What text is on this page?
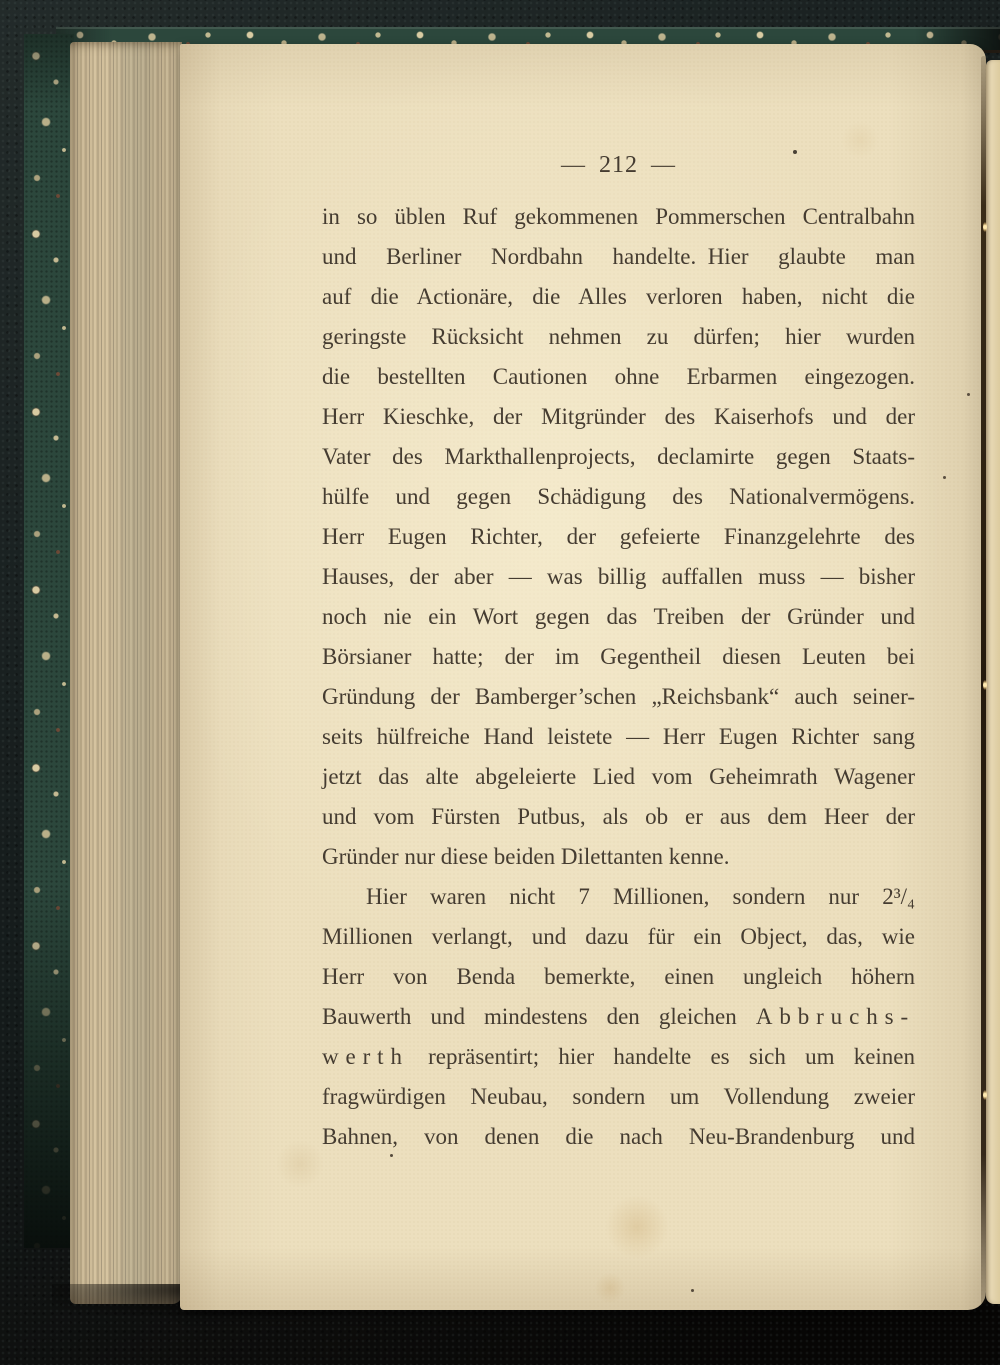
— 212 —
in so üblen Ruf gekommenen Pommerschen Centralbahn
und Berliner Nordbahn handelte. Hier glaubte man
auf die Actionäre, die Alles verloren haben, nicht die
geringste Rücksicht nehmen zu dürfen; hier wurden
die bestellten Cautionen ohne Erbarmen eingezogen.
Herr Kieschke, der Mitgründer des Kaiserhofs und der
Vater des Markthallenprojects, declamirte gegen Staats-
hülfe und gegen Schädigung des Nationalvermögens.
Herr Eugen Richter, der gefeierte Finanzgelehrte des
Hauses, der aber — was billig auffallen muss — bisher
noch nie ein Wort gegen das Treiben der Gründer und
Börsianer hatte; der im Gegentheil diesen Leuten bei
Gründung der Bamberger’schen „Reichsbank“ auch seiner-
seits hülfreiche Hand leistete — Herr Eugen Richter sang
jetzt das alte abgeleierte Lied vom Geheimrath Wagener
und vom Fürsten Putbus, als ob er aus dem Heer der
Gründer nur diese beiden Dilettanten kenne.
Hier waren nicht 7 Millionen, sondern nur 2³/₄
Millionen verlangt, und dazu für ein Object, das, wie
Herr von Benda bemerkte, einen ungleich höhern
Bauwerth und mindestens den gleichen Abbruchs-
werth repräsentirt; hier handelte es sich um keinen
fragwürdigen Neubau, sondern um Vollendung zweier
Bahnen, von denen die nach Neu-Brandenburg und
